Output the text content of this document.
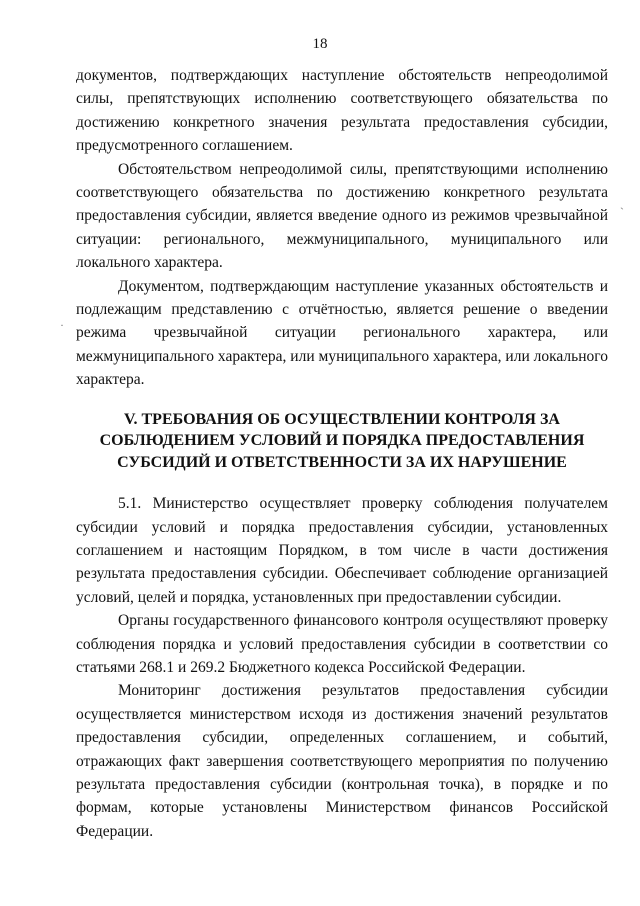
18

документов, подтверждающих наступление обстоятельств непреодолимой силы, препятствующих исполнению соответствующего обязательства по достижению конкретного значения результата предоставления субсидии, предусмотренного соглашением.

Обстоятельством непреодолимой силы, препятствующими исполнению соответствующего обязательства по достижению конкретного результата предоставления субсидии, является введение одного из режимов чрезвычайной ситуации: регионального, межмуниципального, муниципального или локального характера.

Документом, подтверждающим наступление указанных обстоятельств и подлежащим представлению с отчётностью, является решение о введении режима чрезвычайной ситуации регионального характера, или межмуниципального характера, или муниципального характера, или локального характера.

V. ТРЕБОВАНИЯ ОБ ОСУЩЕСТВЛЕНИИ КОНТРОЛЯ ЗА
СОБЛЮДЕНИЕМ УСЛОВИЙ И ПОРЯДКА ПРЕДОСТАВЛЕНИЯ
СУБСИДИЙ И ОТВЕТСТВЕННОСТИ ЗА ИХ НАРУШЕНИЕ

5.1. Министерство осуществляет проверку соблюдения получателем субсидии условий и порядка предоставления субсидии, установленных соглашением и настоящим Порядком, в том числе в части достижения результата предоставления субсидии. Обеспечивает соблюдение организацией условий, целей и порядка, установленных при предоставлении субсидии.

Органы государственного финансового контроля осуществляют проверку соблюдения порядка и условий предоставления субсидии в соответствии со статьями 268.1 и 269.2 Бюджетного кодекса Российской Федерации.

Мониторинг достижения результатов предоставления субсидии осуществляется министерством исходя из достижения значений результатов предоставления субсидии, определенных соглашением, и событий, отражающих факт завершения соответствующего мероприятия по получению результата предоставления субсидии (контрольная точка), в порядке и по формам, которые установлены Министерством финансов Российской Федерации.

ˋ
·
